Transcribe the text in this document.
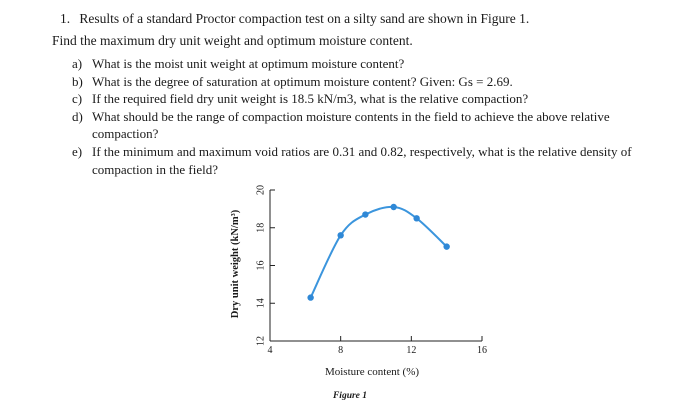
1. Results of a standard Proctor compaction test on a silty sand are shown in Figure 1.
Find the maximum dry unit weight and optimum moisture content.
a) What is the moist unit weight at optimum moisture content?
b) What is the degree of saturation at optimum moisture content? Given: Gs = 2.69.
c) If the required field dry unit weight is 18.5 kN/m3, what is the relative compaction?
d) What should be the range of compaction moisture contents in the field to achieve the above relative compaction?
e) If the minimum and maximum void ratios are 0.31 and 0.82, respectively, what is the relative density of compaction in the field?
12
14
16
18
20
4	8	12	16
Moisture content (%)
Dry unit weight (kN/m³)
Figure 1
